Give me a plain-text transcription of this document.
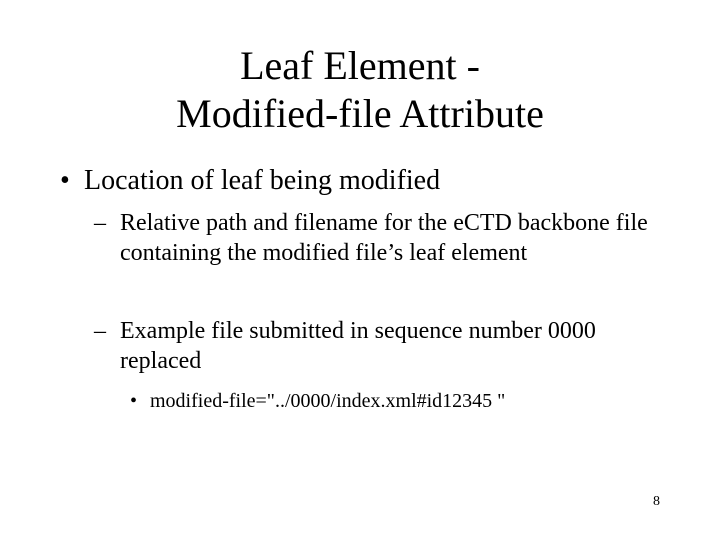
Leaf Element -
Modified-file Attribute
• Location of leaf being modified
– Relative path and filename for the eCTD backbone file containing the modified file’s leaf element
– Example file submitted in sequence number 0000 replaced
• modified-file="../0000/index.xml#id12345 "
8
